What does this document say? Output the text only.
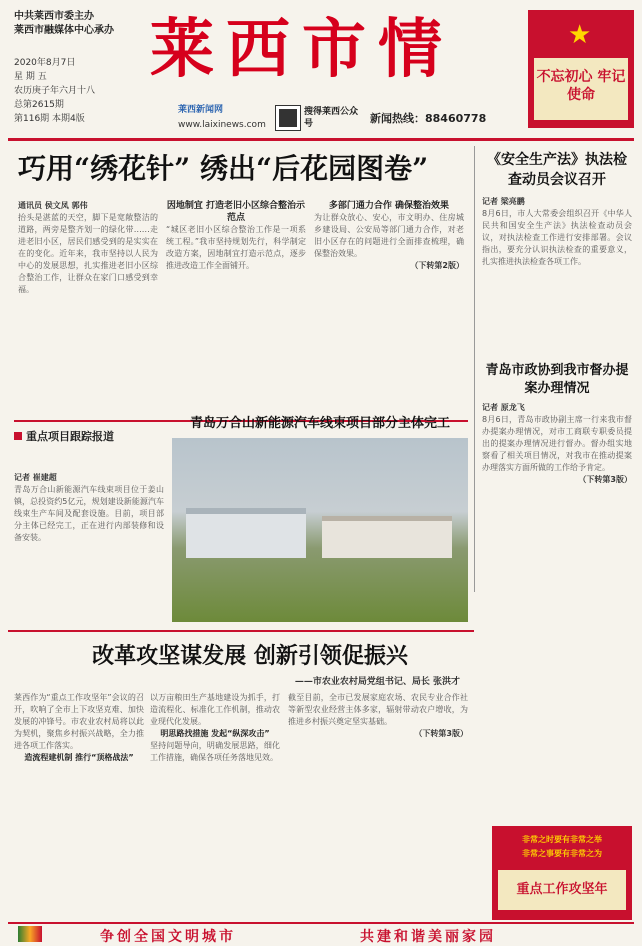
中共莱西市委主办
莱西市融媒体中心承办
2020年8月7日
星 期 五
农历庚子年六月十八
总第2615期
第116期 本期4版
莱西市情
莱西新闻网
www.laixinews.com
搜得莱西公众号	新闻热线：88460778
★
不忘初心 牢记使命
巧用“绣花针” 绣出“后花园图卷”
通讯员 侯文凤 郭伟
抬头是湛蓝的天空，脚下是宽敞整洁的道路，两旁是整齐划一的绿化带……走进老旧小区，居民们感受到的是实实在在的变化。近年来，我市坚持以人民为中心的发展思想，扎实推进老旧小区综合整治工作，让群众在家门口感受到幸福。
因地制宜 打造老旧小区综合整治示范点
“城区老旧小区综合整治工作是一项系统工程。”我市坚持规划先行，科学制定改造方案，因地制宜打造示范点，逐步推进改造工作全面铺开。
多部门通力合作 确保整治效果
为让群众放心、安心，市文明办、住房城乡建设局、公安局等部门通力合作，对老旧小区存在的问题进行全面排查梳理，确保整治效果。
（下转第2版）
《安全生产法》执法检查动员会议召开
记者 梁亮鹏
8月6日，市人大常委会组织召开《中华人民共和国安全生产法》执法检查动员会议，对执法检查工作进行安排部署。会议指出，要充分认识执法检查的重要意义，扎实推进执法检查各项工作。
青岛市政协到我市督办提案办理情况
记者 原龙飞
8月6日，青岛市政协副主席一行来我市督办提案办理情况，对市工商联专职委员提出的提案办理情况进行督办。督办组实地察看了相关项目情况，对我市在推动提案办理落实方面所做的工作给予肯定。
（下转第3版）
重点项目跟踪报道
记者 崔建超
青岛万合山新能源汽车线束项目位于姜山镇，总投资约5亿元，规划建设新能源汽车线束生产车间及配套设施。目前，项目部分主体已经完工，正在进行内部装修和设备安装。
青岛万合山新能源汽车线束项目部分主体完工
改革攻坚谋发展 创新引领促振兴
——市农业农村局党组书记、局长 张洪才
莱西作为“重点工作攻坚年”会议的召开，吹响了全市上下攻坚克难、加快发展的冲锋号。市农业农村局将以此为契机，聚焦乡村振兴战略，全力推进各项工作落实。
造流程建机制 推行“顶格战法”
以万亩粮田生产基地建设为抓手，打造流程化、标准化工作机制，推动农业现代化发展。
明思路找措施 发起“纵深攻击”
坚持问题导向，明确发展思路，细化工作措施，确保各项任务落地见效。
截至目前，全市已发展家庭农场、农民专业合作社等新型农业经营主体多家，辐射带动农户增收，为推进乡村振兴奠定坚实基础。
（下转第3版）
非常之时要有非常之举
非常之事要有非常之为
重点工作攻坚年
争创全国文明城市	共建和谐美丽家园
